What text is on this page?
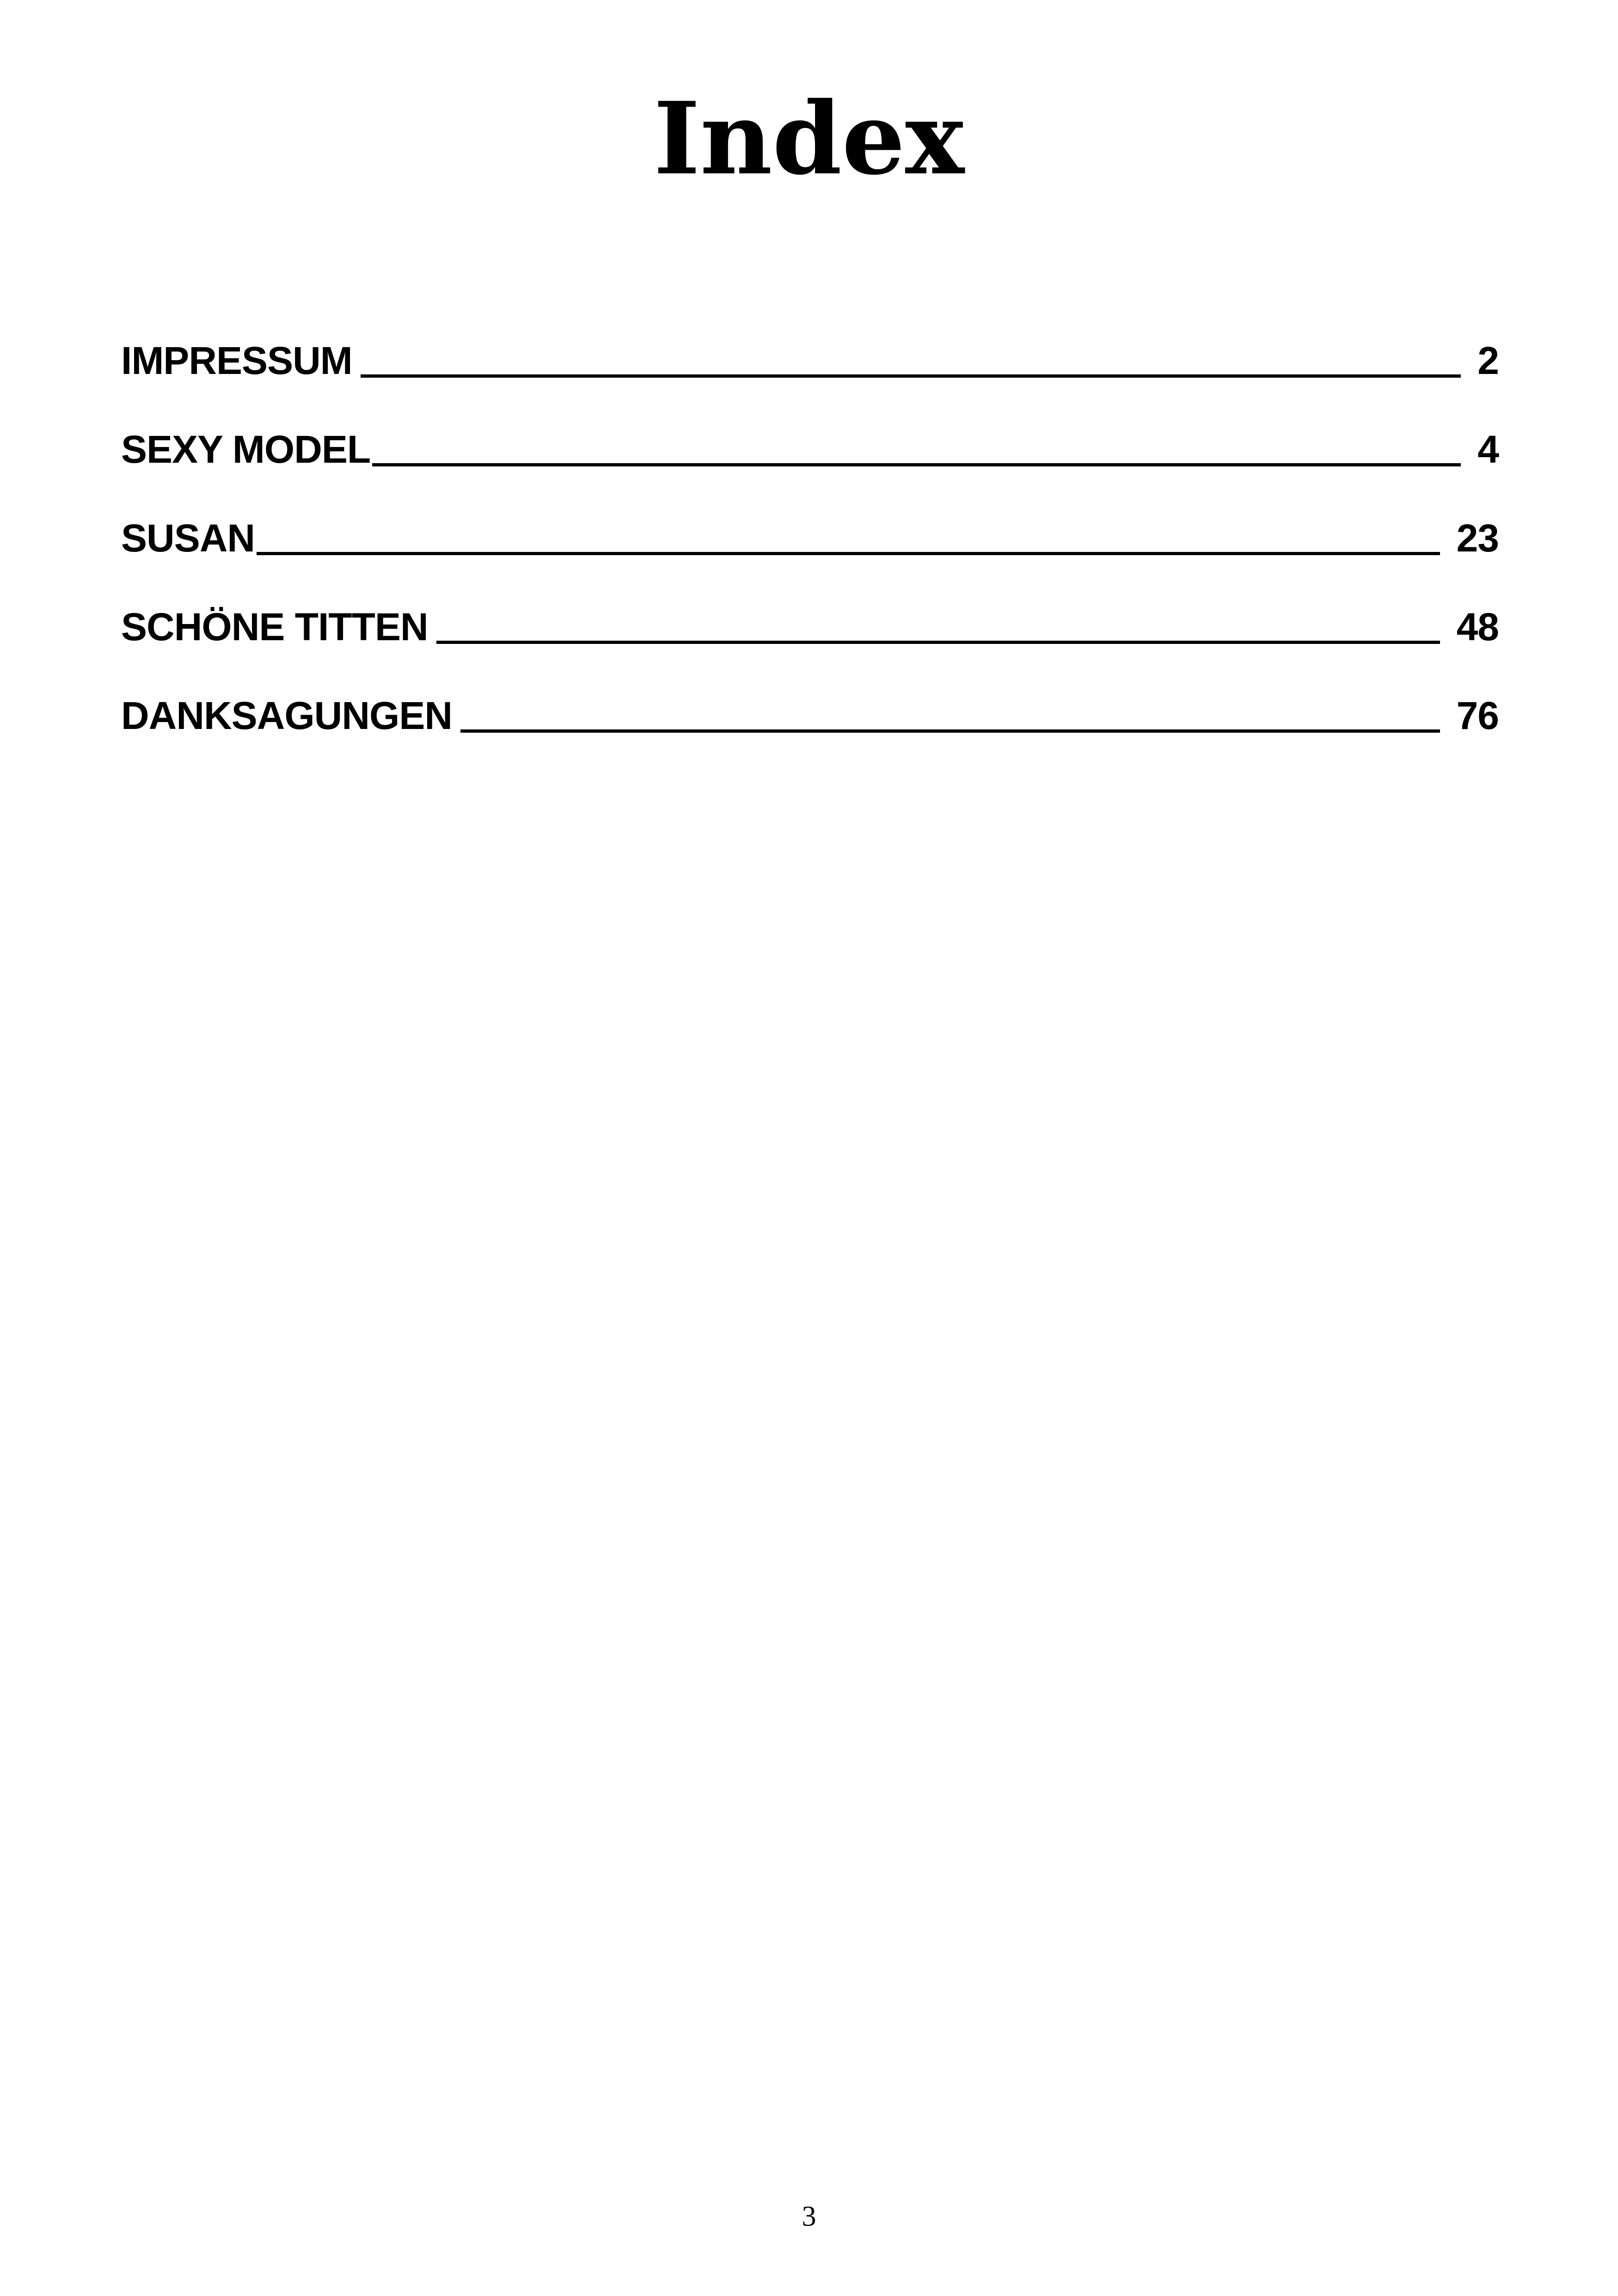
Index
IMPRESSUM	2
SEXY MODEL	4
SUSAN	23
SCHÖNE TITTEN	48
DANKSAGUNGEN	76
3
